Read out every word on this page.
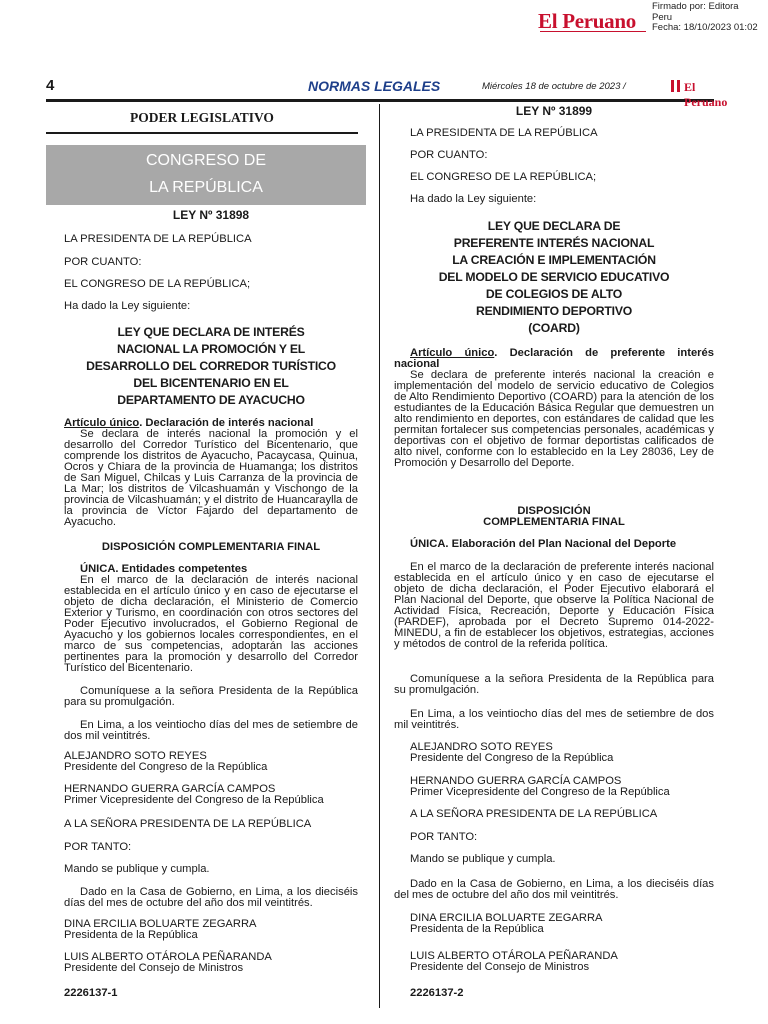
El Peruano
Firmado por: Editora
Peru
Fecha: 18/10/2023 01:02
4	NORMAS LEGALES	Miércoles 18 de octubre de 2023 /	El Peruano
PODER LEGISLATIVO
CONGRESO DE
LA REPÚBLICA

LEY Nº 31898

LA PRESIDENTA DE LA REPÚBLICA

POR CUANTO:

EL CONGRESO DE LA REPÚBLICA;

Ha dado la Ley siguiente:

LEY QUE DECLARA DE INTERÉS
NACIONAL LA PROMOCIÓN Y EL
DESARROLLO DEL CORREDOR TURÍSTICO
DEL BICENTENARIO EN EL
DEPARTAMENTO DE AYACUCHO

Artículo único. Declaración de interés nacional

Se declara de interés nacional la promoción y el desarrollo del Corredor Turístico del Bicentenario, que comprende los distritos de Ayacucho, Pacaycasa, Quinua, Ocros y Chiara de la provincia de Huamanga; los distritos de San Miguel, Chilcas y Luis Carranza de la provincia de La Mar; los distritos de Vilcashuamán y Vischongo de la provincia de Vilcashuamán; y el distrito de Huancaraylla de la provincia de Víctor Fajardo del departamento de Ayacucho.

DISPOSICIÓN COMPLEMENTARIA FINAL

ÚNICA. Entidades competentes

En el marco de la declaración de interés nacional establecida en el artículo único y en caso de ejecutarse el objeto de dicha declaración, el Ministerio de Comercio Exterior y Turismo, en coordinación con otros sectores del Poder Ejecutivo involucrados, el Gobierno Regional de Ayacucho y los gobiernos locales correspondientes, en el marco de sus competencias, adoptarán las acciones pertinentes para la promoción y desarrollo del Corredor Turístico del Bicentenario.

Comuníquese a la señora Presidenta de la República para su promulgación.

En Lima, a los veintiocho días del mes de setiembre de dos mil veintitrés.

ALEJANDRO SOTO REYES

Presidente del Congreso de la República

HERNANDO GUERRA GARCÍA CAMPOS

Primer Vicepresidente del Congreso de la República

A LA SEÑORA PRESIDENTA DE LA REPÚBLICA

POR TANTO:

Mando se publique y cumpla.

Dado en la Casa de Gobierno, en Lima, a los dieciséis días del mes de octubre del año dos mil veintitrés.

DINA ERCILIA BOLUARTE ZEGARRA

Presidenta de la República

LUIS ALBERTO OTÁROLA PEÑARANDA

Presidente del Consejo de Ministros

2226137-1

LEY Nº 31899

LA PRESIDENTA DE LA REPÚBLICA

POR CUANTO:

EL CONGRESO DE LA REPÚBLICA;

Ha dado la Ley siguiente:

LEY QUE DECLARA DE
PREFERENTE INTERÉS NACIONAL
LA CREACIÓN E IMPLEMENTACIÓN
DEL MODELO DE SERVICIO EDUCATIVO
DE COLEGIOS DE ALTO
RENDIMIENTO DEPORTIVO
(COARD)

Artículo único. Declaración de preferente interés nacional

Se declara de preferente interés nacional la creación e implementación del modelo de servicio educativo de Colegios de Alto Rendimiento Deportivo (COARD) para la atención de los estudiantes de la Educación Básica Regular que demuestren un alto rendimiento en deportes, con estándares de calidad que les permitan fortalecer sus competencias personales, académicas y deportivas con el objetivo de formar deportistas calificados de alto nivel, conforme con lo establecido en la Ley 28036, Ley de Promoción y Desarrollo del Deporte.

DISPOSICIÓN
COMPLEMENTARIA FINAL

ÚNICA. Elaboración del Plan Nacional del Deporte

En el marco de la declaración de preferente interés nacional establecida en el artículo único y en caso de ejecutarse el objeto de dicha declaración, el Poder Ejecutivo elaborará el Plan Nacional del Deporte, que observe la Política Nacional de Actividad Física, Recreación, Deporte y Educación Física (PARDEF), aprobada por el Decreto Supremo 014-2022-MINEDU, a fin de establecer los objetivos, estrategias, acciones y métodos de control de la referida política.

Comuníquese a la señora Presidenta de la República para su promulgación.

En Lima, a los veintiocho días del mes de setiembre de dos mil veintitrés.

ALEJANDRO SOTO REYES

Presidente del Congreso de la República

HERNANDO GUERRA GARCÍA CAMPOS

Primer Vicepresidente del Congreso de la República

A LA SEÑORA PRESIDENTA DE LA REPÚBLICA

POR TANTO:

Mando se publique y cumpla.

Dado en la Casa de Gobierno, en Lima, a los dieciséis días del mes de octubre del año dos mil veintitrés.

DINA ERCILIA BOLUARTE ZEGARRA

Presidenta de la República

LUIS ALBERTO OTÁROLA PEÑARANDA

Presidente del Consejo de Ministros

2226137-2
